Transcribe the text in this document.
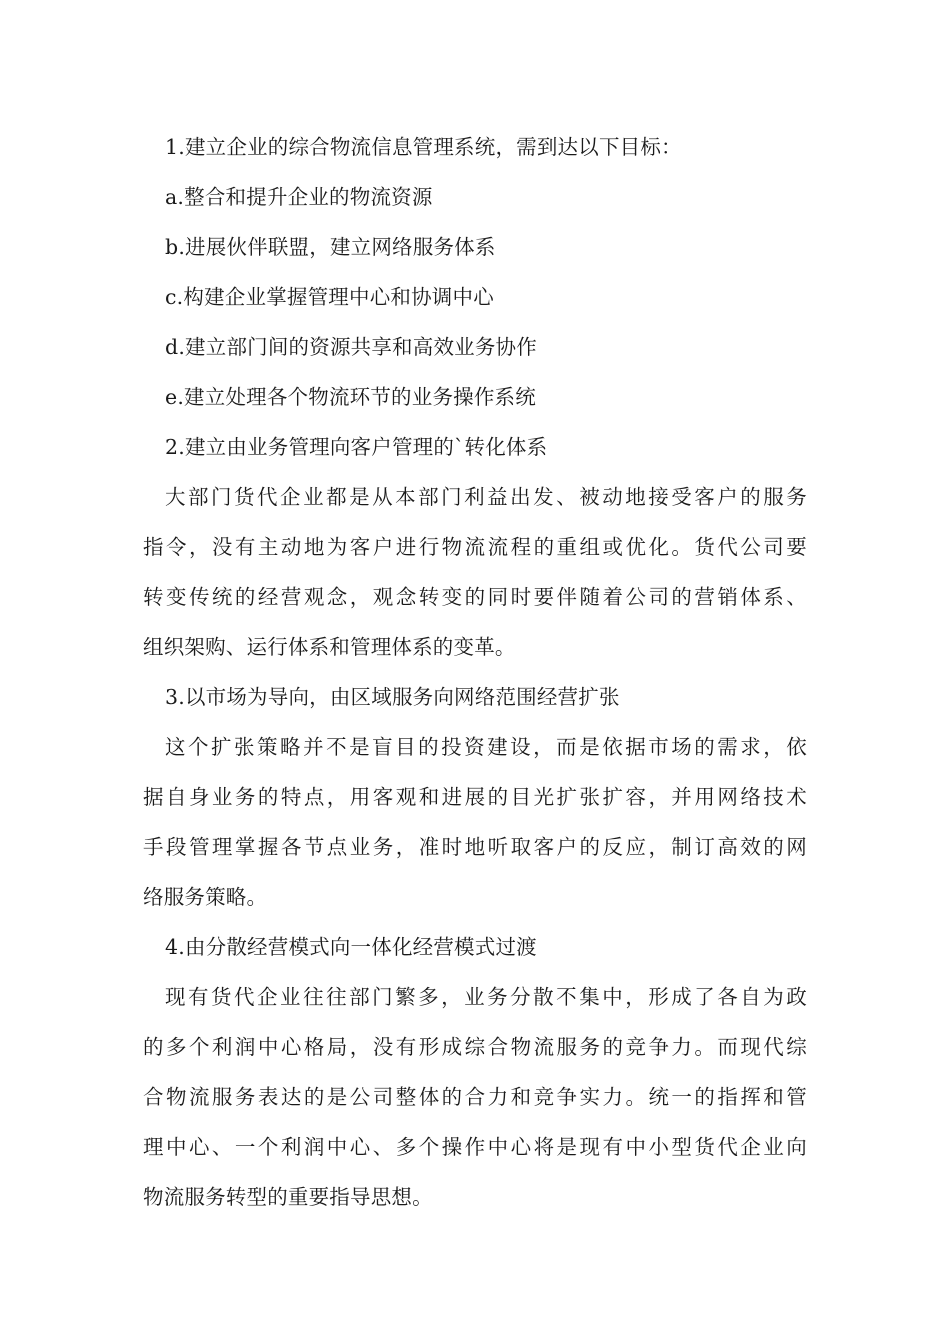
1.建立企业的综合物流信息管理系统，需到达以下目标：
a.整合和提升企业的物流资源
b.进展伙伴联盟，建立网络服务体系
c.构建企业掌握管理中心和协调中心
d.建立部门间的资源共享和高效业务协作
e.建立处理各个物流环节的业务操作系统
2.建立由业务管理向客户管理的`转化体系
大部门货代企业都是从本部门利益出发、被动地接受客户的服务
指令，没有主动地为客户进行物流流程的重组或优化。货代公司要
转变传统的经营观念，观念转变的同时要伴随着公司的营销体系、
组织架购、运行体系和管理体系的变革。
3.以市场为导向，由区域服务向网络范围经营扩张
这个扩张策略并不是盲目的投资建设，而是依据市场的需求，依
据自身业务的特点，用客观和进展的目光扩张扩容，并用网络技术
手段管理掌握各节点业务，准时地听取客户的反应，制订高效的网
络服务策略。
4.由分散经营模式向一体化经营模式过渡
现有货代企业往往部门繁多，业务分散不集中，形成了各自为政
的多个利润中心格局，没有形成综合物流服务的竞争力。而现代综
合物流服务表达的是公司整体的合力和竞争实力。统一的指挥和管
理中心、一个利润中心、多个操作中心将是现有中小型货代企业向
物流服务转型的重要指导思想。
